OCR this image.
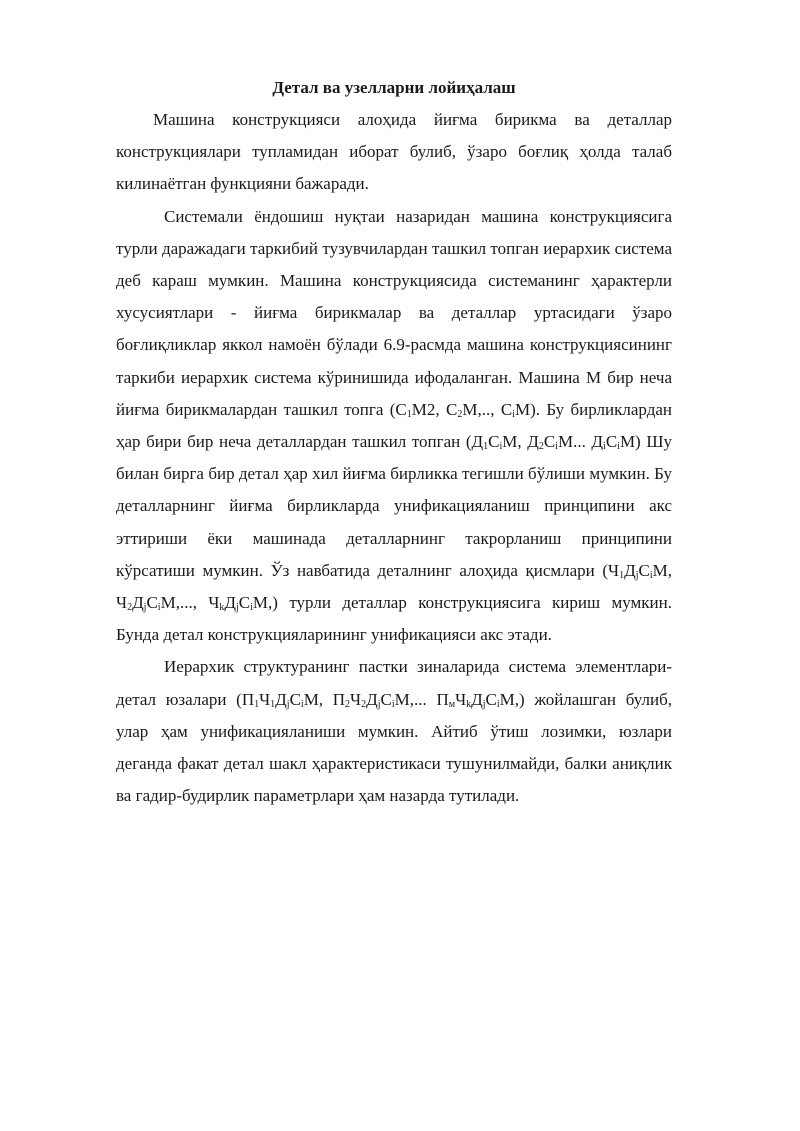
Детал ва узелларни лойиҳалаш

Машина конструкцияси алоҳида йиғма бирикма ва деталлар конструкциялари тупламидан иборат булиб, ўзаро боғлиқ ҳолда талаб килинаётган функцияни бажаради.

Системали ёндошиш нуқтаи назаридан машина конструкциясига турли даражадаги таркибий тузувчилардан ташкил топган иерархик система деб караш мумкин. Машина конструкциясида системанинг ҳарактерли хусусиятлари - йиғма бирикмалар ва деталлар уртасидаги ўзаро боғлиқликлар яккол намоён бўлади 6.9-расмда машина конструкциясининг таркиби иерархик система кўринишида ифодаланган. Машина М бир неча йиғма бирикмалардан ташкил топга ($С_1М2$, $С_2М$,.., $С_iМ$). Бу бирликлардан ҳар бири бир неча деталлардан ташкил топган ($Д_1С_iМ$, $Д_2С_iМ$... $Д_iС_iМ$) Шу билан бирга бир детал ҳар хил йиғма бирликка тегишли бўлиши мумкин. Бу деталларнинг йиғма бирликларда унификацияланиш принципини акс эттириши ёки машинада деталларнинг такрорланиш принципини кўрсатиши мумкин. Ўз навбатида деталнинг алоҳида қисмлари ($Ч_1Д_jС_iМ$, $Ч_2Д_jС_iМ$,..., $Ч_kД_jС_iМ$,) турли деталлар конструкциясига кириш мумкин. Бунда детал конструкцияларининг унификацияси акс этади.

Иерархик структуранинг пастки зиналарида система элементлари-детал юзалари ($П_1Ч_1Д_jС_iМ$, $П_2Ч_2Д_jС_iМ$,... $П_мЧ_kД_jС_iМ$,) жойлашган булиб, улар ҳам унификацияланиши мумкин. Айтиб ўтиш лозимки, юзлари деганда факат детал шакл ҳарактеристикаси тушунилмайди, балки аниқлик ва гадир-будирлик параметрлари ҳам назарда тутилади.
